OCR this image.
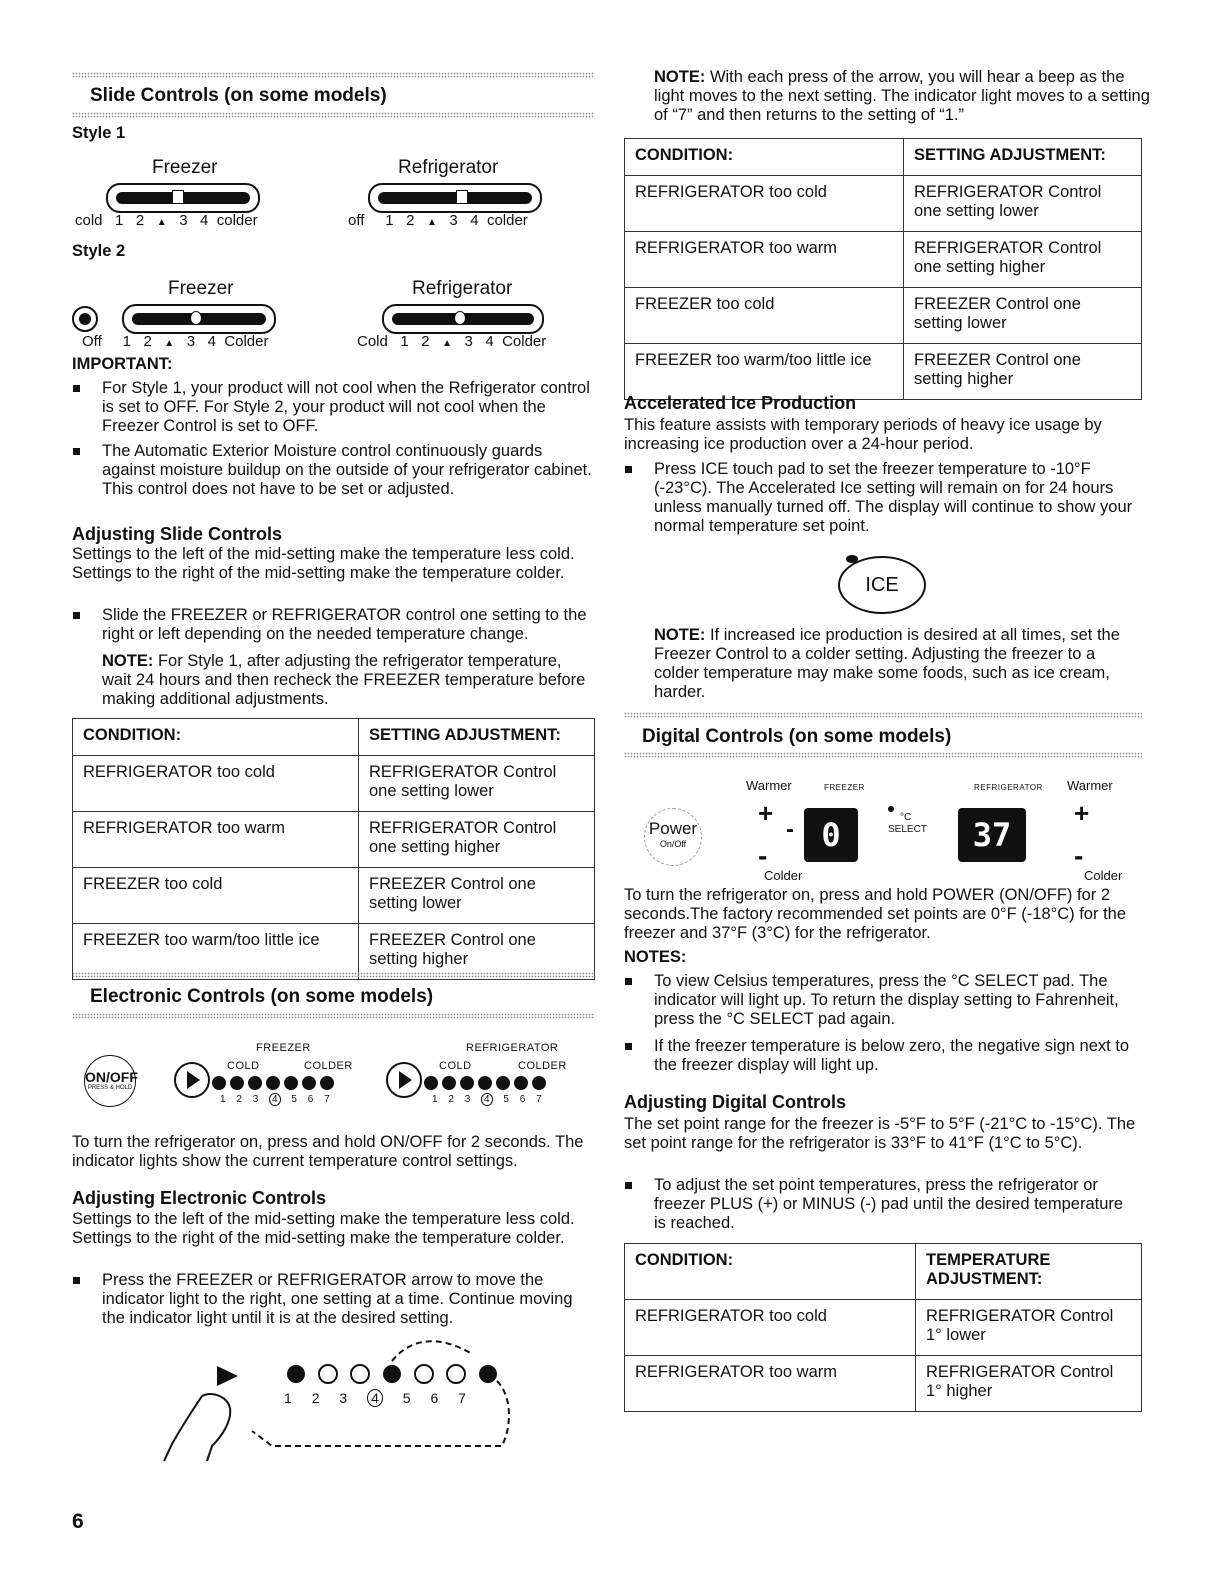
Slide Controls (on some models)
Style 1
Freezer	Refrigerator
cold 1 2 ▲ 3 4 colder	off 1 2 ▲ 3 4 colder
Style 2
Freezer	Refrigerator
Off 1 2 ▲ 3 4 Colder	Cold 1 2 ▲ 3 4 Colder
IMPORTANT:
For Style 1, your product will not cool when the Refrigerator control is set to OFF. For Style 2, your product will not cool when the Freezer Control is set to OFF.
The Automatic Exterior Moisture control continuously guards against moisture buildup on the outside of your refrigerator cabinet. This control does not have to be set or adjusted.
Adjusting Slide Controls

Settings to the left of the mid-setting make the temperature less cold. Settings to the right of the mid-setting make the temperature colder.

Slide the FREEZER or REFRIGERATOR control one setting to the right or left depending on the needed temperature change.

NOTE: For Style 1, after adjusting the refrigerator temperature, wait 24 hours and then recheck the FREEZER temperature before making additional adjustments.

CONDITION:	SETTING ADJUSTMENT:
REFRIGERATOR too cold	REFRIGERATOR Control one setting lower
REFRIGERATOR too warm	REFRIGERATOR Control one setting higher
FREEZER too cold	FREEZER Control one setting lower
FREEZER too warm/too little ice	FREEZER Control one setting higher
Electronic Controls (on some models)
FREEZER	REFRIGERATOR
ON/OFF
PRESS & HOLD
COLD	COLDER
1 2 3 4 5 6 7
COLD	COLDER
1 2 3 4 5 6 7

To turn the refrigerator on, press and hold ON/OFF for 2 seconds. The indicator lights show the current temperature control settings.

Adjusting Electronic Controls

Settings to the left of the mid-setting make the temperature less cold. Settings to the right of the mid-setting make the temperature colder.

Press the FREEZER or REFRIGERATOR arrow to move the indicator light to the right, one setting at a time. Continue moving the indicator light until it is at the desired setting.
1 2 3 4 5 6 7
6

NOTE: With each press of the arrow, you will hear a beep as the light moves to the next setting. The indicator light moves to a setting of “7” and then returns to the setting of “1.”

CONDITION:	SETTING ADJUSTMENT:
REFRIGERATOR too cold	REFRIGERATOR Control one setting lower
REFRIGERATOR too warm	REFRIGERATOR Control one setting higher
FREEZER too cold	FREEZER Control one setting lower
FREEZER too warm/too little ice	FREEZER Control one setting higher
Accelerated Ice Production

This feature assists with temporary periods of heavy ice usage by increasing ice production over a 24-hour period.

Press ICE touch pad to set the freezer temperature to -10°F (-23°C). The Accelerated Ice setting will remain on for 24 hours unless manually turned off. The display will continue to show your normal temperature set point.
ICE

NOTE: If increased ice production is desired at all times, set the Freezer Control to a colder setting. Adjusting the freezer to a colder temperature may make some foods, such as ice cream, harder.

Digital Controls (on some models)
Warmer	FREEZER	REFRIGERATOR Warmer
Power
On/Off
+
-
-
0	°C
SELECT	37
+
-
Colder	Colder

To turn the refrigerator on, press and hold POWER (ON/OFF) for 2 seconds.The factory recommended set points are 0°F (-18°C) for the freezer and 37°F (3°C) for the refrigerator.

NOTES:
To view Celsius temperatures, press the °C SELECT pad. The indicator will light up. To return the display setting to Fahrenheit, press the °C SELECT pad again.
If the freezer temperature is below zero, the negative sign next to the freezer display will light up.
Adjusting Digital Controls

The set point range for the freezer is -5°F to 5°F (-21°C to -15°C). The set point range for the refrigerator is 33°F to 41°F (1°C to 5°C).

To adjust the set point temperatures, press the refrigerator or freezer PLUS (+) or MINUS (-) pad until the desired temperature is reached.
CONDITION:	TEMPERATURE ADJUSTMENT:
REFRIGERATOR too cold	REFRIGERATOR Control 1° lower
REFRIGERATOR too warm	REFRIGERATOR Control 1° higher
